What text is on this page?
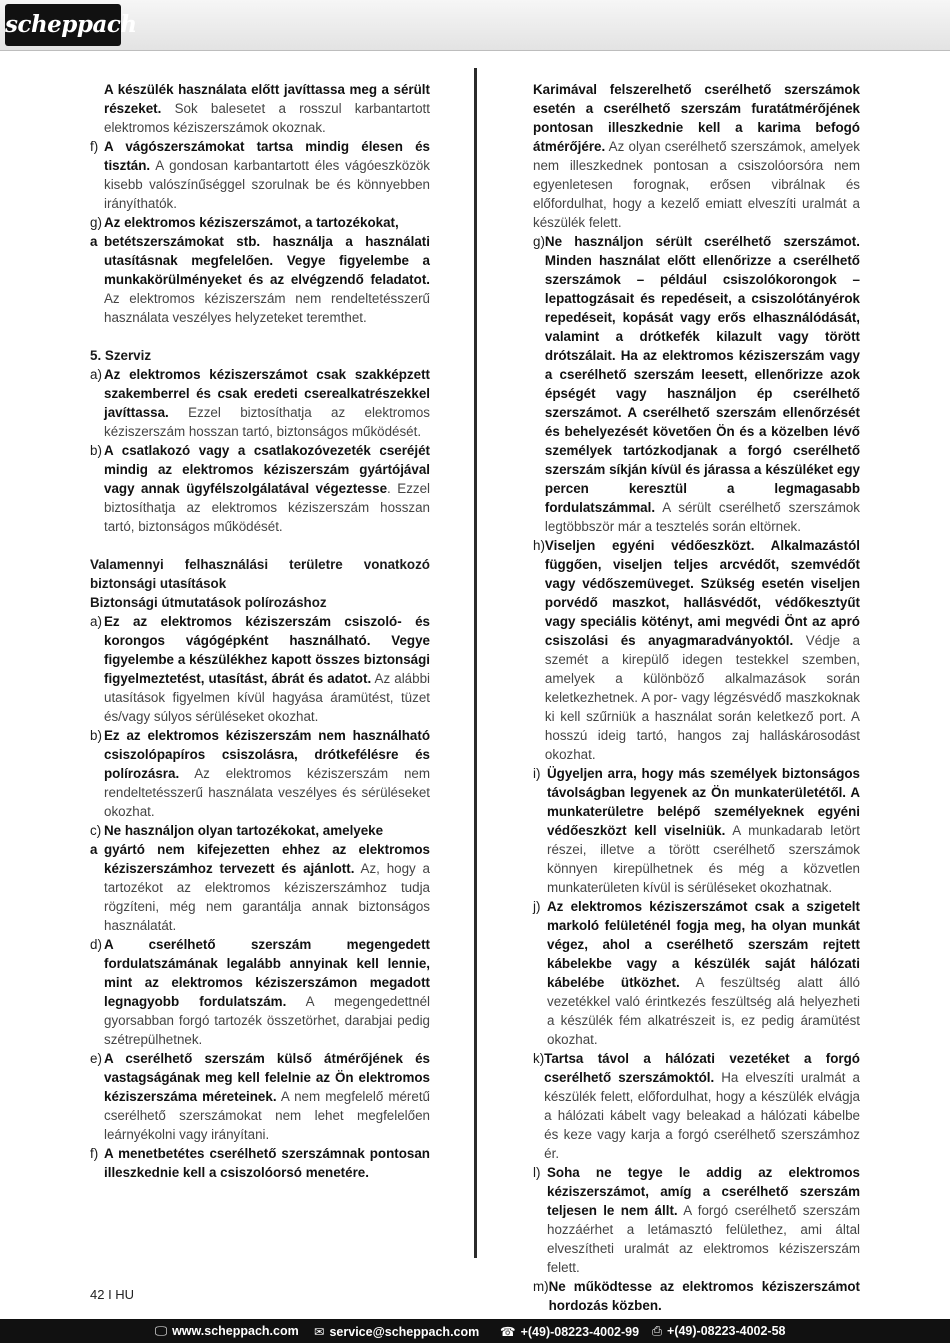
scheppach
A készülék használata előtt javíttassa meg a sérült részeket. Sok balesetet a rosszul karbantartott elektromos kéziszerszámok okoznak.
f) A vágószerszámokat tartsa mindig élesen és tisztán. A gondosan karbantartott éles vágóeszközök kisebb valószínűséggel szorulnak be és könnyebben irányíthatók.
g) Az elektromos kéziszerszámot, a tartozékokat,
a betétszerszámokat stb. használja a használati utasításnak megfelelően. Vegye figyelembe a munkakörülményeket és az elvégzendő feladatot. Az elektromos kéziszerszám nem rendeltetésszerű használata veszélyes helyzeteket teremthet.
5. Szerviz
a) Az elektromos kéziszerszámot csak szakképzett szakemberrel és csak eredeti cserealkatrészekkel javíttassa. Ezzel biztosíthatja az elektromos kéziszerszám hosszan tartó, biztonságos működését.
b) A csatlakozó vagy a csatlakozóvezeték cseréjét mindig az elektromos kéziszerszám gyártójával vagy annak ügyfélszolgálatával végeztesse. Ezzel biztosíthatja az elektromos kéziszerszám hosszan tartó, biztonságos működését.
Valamennyi felhasználási területre vonatkozó biztonsági utasítások
Biztonsági útmutatások polírozáshoz
a) Ez az elektromos kéziszerszám csiszoló- és korongos vágógépként használható. Vegye figyelembe a készülékhez kapott összes biztonsági figyelmeztetést, utasítást, ábrát és adatot. Az alábbi utasítások figyelmen kívül hagyása áramütést, tüzet és/vagy súlyos sérüléseket okozhat.
b) Ez az elektromos kéziszerszám nem használható csiszolópapíros csiszolásra, drótkefélésre és polírozásra. Az elektromos kéziszerszám nem rendeltetésszerű használata veszélyes és sérüléseket okozhat.
c) Ne használjon olyan tartozékokat, amelyeke
a gyártó nem kifejezetten ehhez az elektromos kéziszerszámhoz tervezett és ajánlott. Az, hogy a tartozékot az elektromos kéziszerszámhoz tudja rögzíteni, még nem garantálja annak biztonságos használatát.
d) A cserélhető szerszám megengedett fordulatszámának legalább annyinak kell lennie, mint az elektromos kéziszerszámon megadott legnagyobb fordulatszám. A megengedettnél gyorsabban forgó tartozék összetörhet, darabjai pedig szétrepülhetnek.
e) A cserélhető szerszám külső átmérőjének és vastagságának meg kell felelnie az Ön elektromos kéziszerszáma méreteinek. A nem megfelelő méretű cserélhető szerszámokat nem lehet megfelelően leárnyékolni vagy irányítani.
f) A menetbetétes cserélhető szerszámnak pontosan illeszkednie kell a csiszolóorsó menetére.
Karimával felszerelhető cserélhető szerszámok esetén a cserélhető szerszám furatátmérőjének pontosan illeszkednie kell a karima befogó átmérőjére. Az olyan cserélhető szerszámok, amelyek nem illeszkednek pontosan a csiszolóorsóra nem egyenletesen forognak, erősen vibrálnak és előfordulhat, hogy a kezelő emiatt elveszíti uralmát a készülék felett.
g) Ne használjon sérült cserélhető szerszámot. Minden használat előtt ellenőrizze a cserélhető szerszámok – például csiszolókorongok – lepattogzásait és repedéseit, a csiszolótányérok repedéseit, kopását vagy erős elhasználódását, valamint a drótkefék kilazult vagy törött drótszálait. Ha az elektromos kéziszerszám vagy a cserélhető szerszám leesett, ellenőrizze azok épségét vagy használjon ép cserélhető szerszámot. A cserélhető szerszám ellenőrzését és behelyezését követően Ön és a közelben lévő személyek tartózkodjanak a forgó cserélhető szerszám síkján kívül és járassa a készüléket egy percen keresztül a legmagasabb fordulatszámmal. A sérült cserélhető szerszámok legtöbbször már a tesztelés során eltörnek.
h) Viseljen egyéni védőeszközt. Alkalmazástól függően, viseljen teljes arcvédőt, szemvédőt vagy védőszemüveget. Szükség esetén viseljen porvédő maszkot, hallásvédőt, védőkesztyűt vagy speciális kötényt, ami megvédi Önt az apró csiszolási és anyagmaradványoktól. Védje a szemét a kirepülő idegen testekkel szemben, amelyek a különböző alkalmazások során keletkezhetnek. A por- vagy légzésvédő maszkoknak ki kell szűrniük a használat során keletkező port. A hosszú ideig tartó, hangos zaj halláskárosodást okozhat.
i) Ügyeljen arra, hogy más személyek biztonságos távolságban legyenek az Ön munkaterületétől. A munkaterületre belépő személyeknek egyéni védőeszközt kell viselniük. A munkadarab letört részei, illetve a törött cserélhető szerszámok könnyen kirepülhetnek és még a közvetlen munkaterületen kívül is sérüléseket okozhatnak.
j) Az elektromos kéziszerszámot csak a szigetelt markoló felületénél fogja meg, ha olyan munkát végez, ahol a cserélhető szerszám rejtett kábelekbe vagy a készülék saját hálózati kábelébe ütközhet. A feszültség alatt álló vezetékkel való érintkezés feszültség alá helyezheti a készülék fém alkatrészeit is, ez pedig áramütést okozhat.
k) Tartsa távol a hálózati vezetéket a forgó cserélhető szerszámoktól. Ha elveszíti uralmát a készülék felett, előfordulhat, hogy a készülék elvágja a hálózati kábelt vagy beleakad a hálózati kábelbe és keze vagy karja a forgó cserélhető szerszámhoz ér.
l) Soha ne tegye le addig az elektromos kéziszerszámot, amíg a cserélhető szerszám teljesen le nem állt. A forgó cserélhető szerszám hozzáérhet a letámasztó felülethez, ami által elveszítheti uralmát az elektromos kéziszerszám felett.
m) Ne működtesse az elektromos kéziszerszámot hordozás közben.
42 I HU
🖵 www.scheppach.com ✉ service@scheppach.com ☎ +(49)-08223-4002-99 ⎙ +(49)-08223-4002-58
